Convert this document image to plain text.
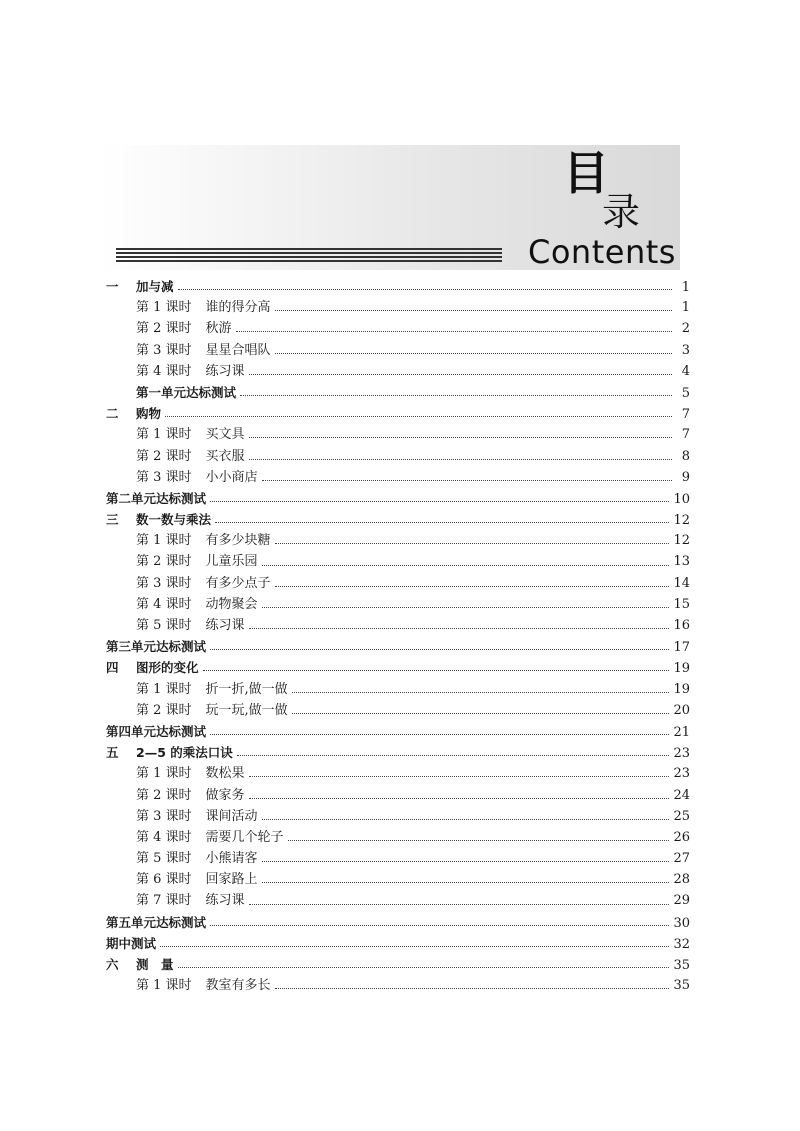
目
录
Contents
一	加与减	1
第 1 课时 谁的得分高	1
第 2 课时 秋游	2
第 3 课时 星星合唱队	3
第 4 课时 练习课	4
第一单元达标测试	5
二	购物	7
第 1 课时 买文具	7
第 2 课时 买衣服	8
第 3 课时 小小商店	9
第二单元达标测试	10
三	数一数与乘法	12
第 1 课时 有多少块糖	12
第 2 课时 儿童乐园	13
第 3 课时 有多少点子	14
第 4 课时 动物聚会	15
第 5 课时 练习课	16
第三单元达标测试	17
四	图形的变化	19
第 1 课时 折一折,做一做	19
第 2 课时 玩一玩,做一做	20
第四单元达标测试	21
五	2—5 的乘法口诀	23
第 1 课时 数松果	23
第 2 课时 做家务	24
第 3 课时 课间活动	25
第 4 课时 需要几个轮子	26
第 5 课时 小熊请客	27
第 6 课时 回家路上	28
第 7 课时 练习课	29
第五单元达标测试	30
期中测试	32
六	测　量	35
第 1 课时 教室有多长	35
